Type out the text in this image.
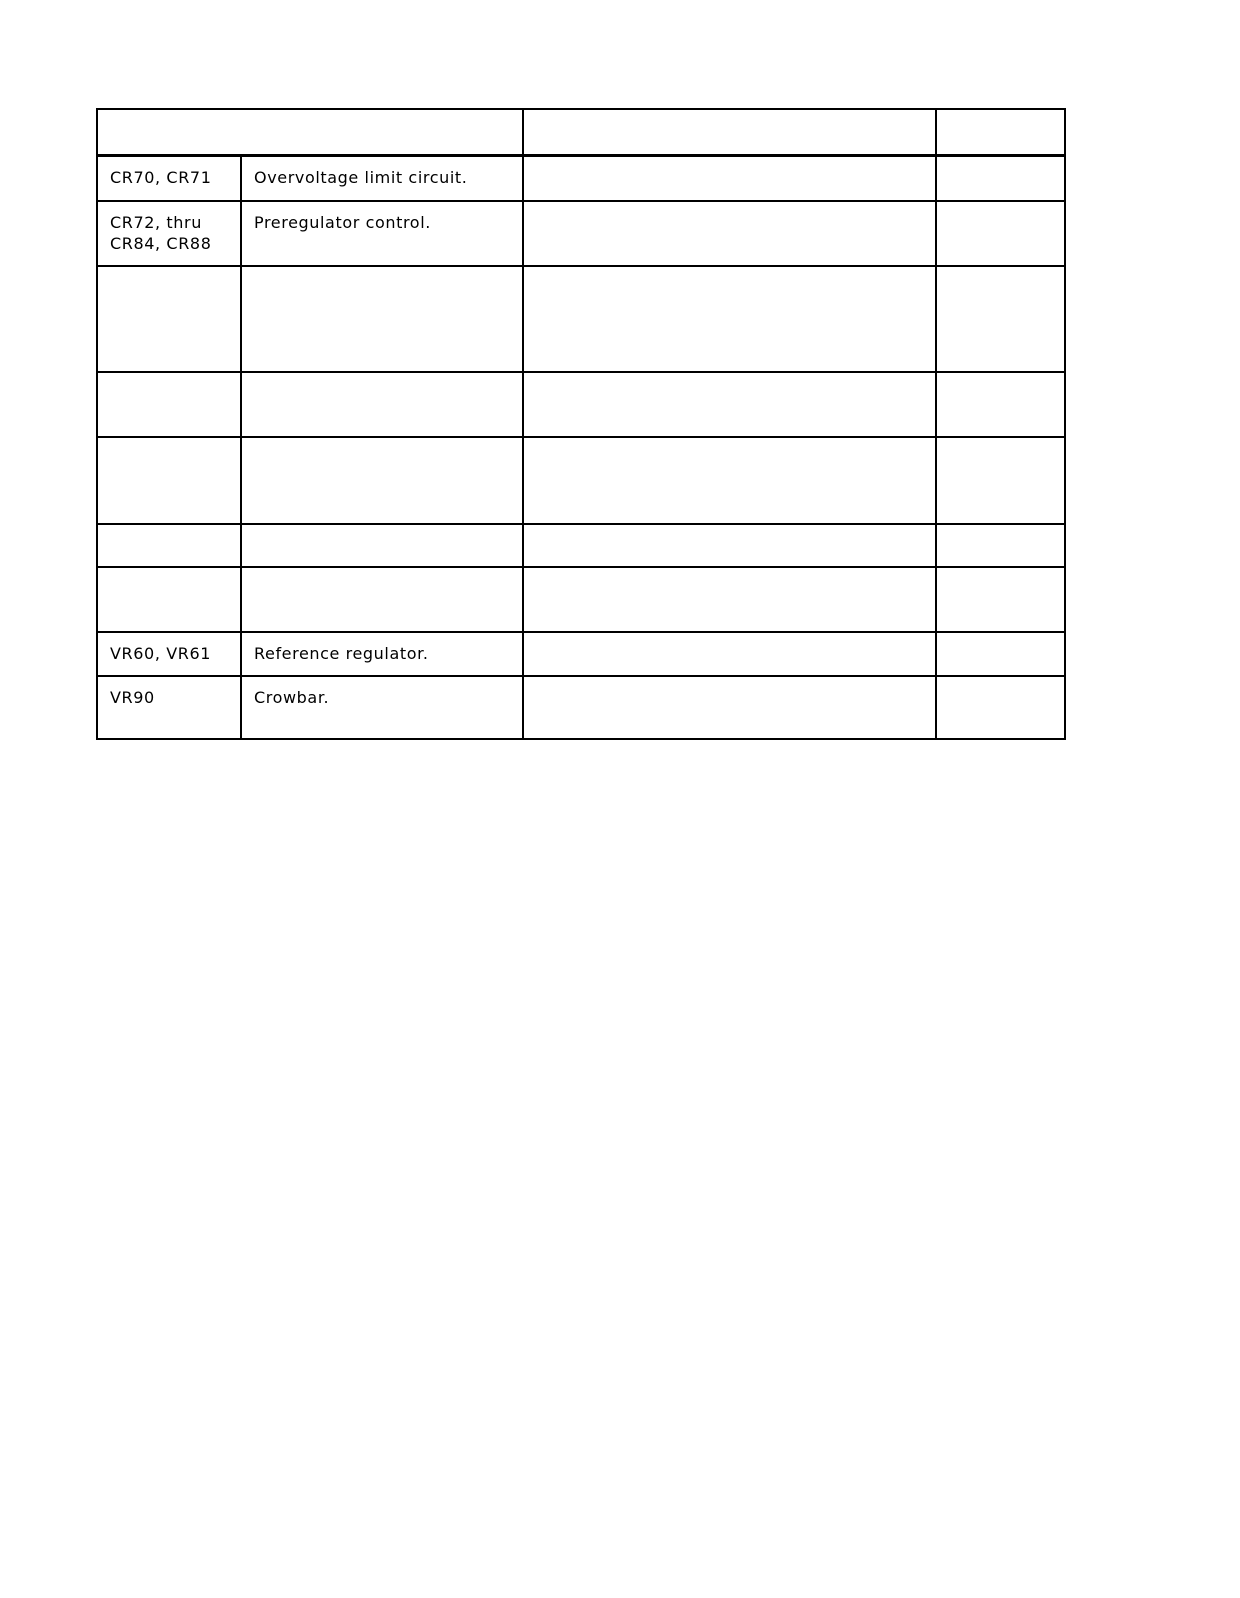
CR70, CR71	Overvoltage limit circuit.		

CR72, thru
CR84, CR88	Preregulator control.		

VR60, VR61	Reference regulator.		

VR90	Crowbar.		
